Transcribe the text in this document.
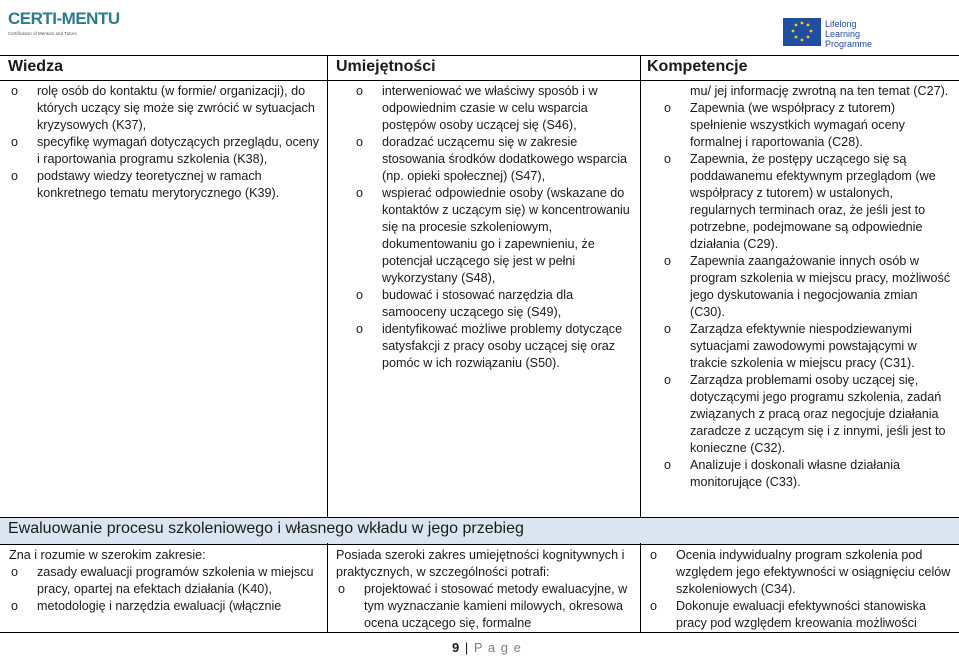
CERTI-MENTU
Certification of Mentors and Tutors
Lifelong
Learning
Programme
Wiedza	Umiejętności	Kompetencje
o rolę osób do kontaktu (w formie/ organizacji), do których uczący się może się zwrócić w sytuacjach kryzysowych (K37),
o specyfikę wymagań dotyczących przeglądu, oceny i raportowania programu szkolenia (K38),
o podstawy wiedzy teoretycznej w ramach konkretnego tematu merytorycznego (K39).
o interweniować we właściwy sposób i w odpowiednim czasie w celu wsparcia postępów osoby uczącej się (S46),
o doradzać uczącemu się w zakresie stosowania środków dodatkowego wsparcia (np. opieki społecznej) (S47),
o wspierać odpowiednie osoby (wskazane do kontaktów z uczącym się) w koncentrowaniu się na procesie szkoleniowym, dokumentowaniu go i zapewnieniu, że potencjał uczącego się jest w pełni wykorzystany (S48),
o budować i stosować narzędzia dla samooceny uczącego się (S49),
o identyfikować możliwe problemy dotyczące satysfakcji z pracy osoby uczącej się oraz pomóc w ich rozwiązaniu (S50).
mu/ jej informację zwrotną na ten temat (C27).
o Zapewnia (we współpracy z tutorem) spełnienie wszystkich wymagań oceny formalnej i raportowania (C28).
o Zapewnia, że postępy uczącego się są poddawanemu efektywnym przeglądom (we współpracy z tutorem) w ustalonych, regularnych terminach oraz, że jeśli jest to potrzebne, podejmowane są odpowiednie działania (C29).
o Zapewnia zaangażowanie innych osób w program szkolenia w miejscu pracy, możliwość jego dyskutowania i negocjowania zmian (C30).
o Zarządza efektywnie niespodziewanymi sytuacjami zawodowymi powstającymi w trakcie szkolenia w miejscu pracy (C31).
o Zarządza problemami osoby uczącej się, dotyczącymi jego programu szkolenia, zadań związanych z pracą oraz negocjuje działania zaradcze z uczącym się i z innymi, jeśli jest to konieczne (C32).
o Analizuje i doskonali własne działania monitorujące (C33).
Ewaluowanie procesu szkoleniowego i własnego wkładu w jego przebieg
Zna i rozumie w szerokim zakresie:
o zasady ewaluacji programów szkolenia w miejscu pracy, opartej na efektach działania (K40),
o metodologię i narzędzia ewaluacji (włącznie
Posiada szeroki zakres umiejętności kognitywnych i praktycznych, w szczególności potrafi:
o projektować i stosować metody ewaluacyjne, w tym wyznaczanie kamieni milowych, okresowa ocena uczącego się, formalne
o Ocenia indywidualny program szkolenia pod względem jego efektywności w osiągnięciu celów szkoleniowych (C34).
o Dokonuje ewaluacji efektywności stanowiska pracy pod względem kreowania możliwości
9 | P a g e
